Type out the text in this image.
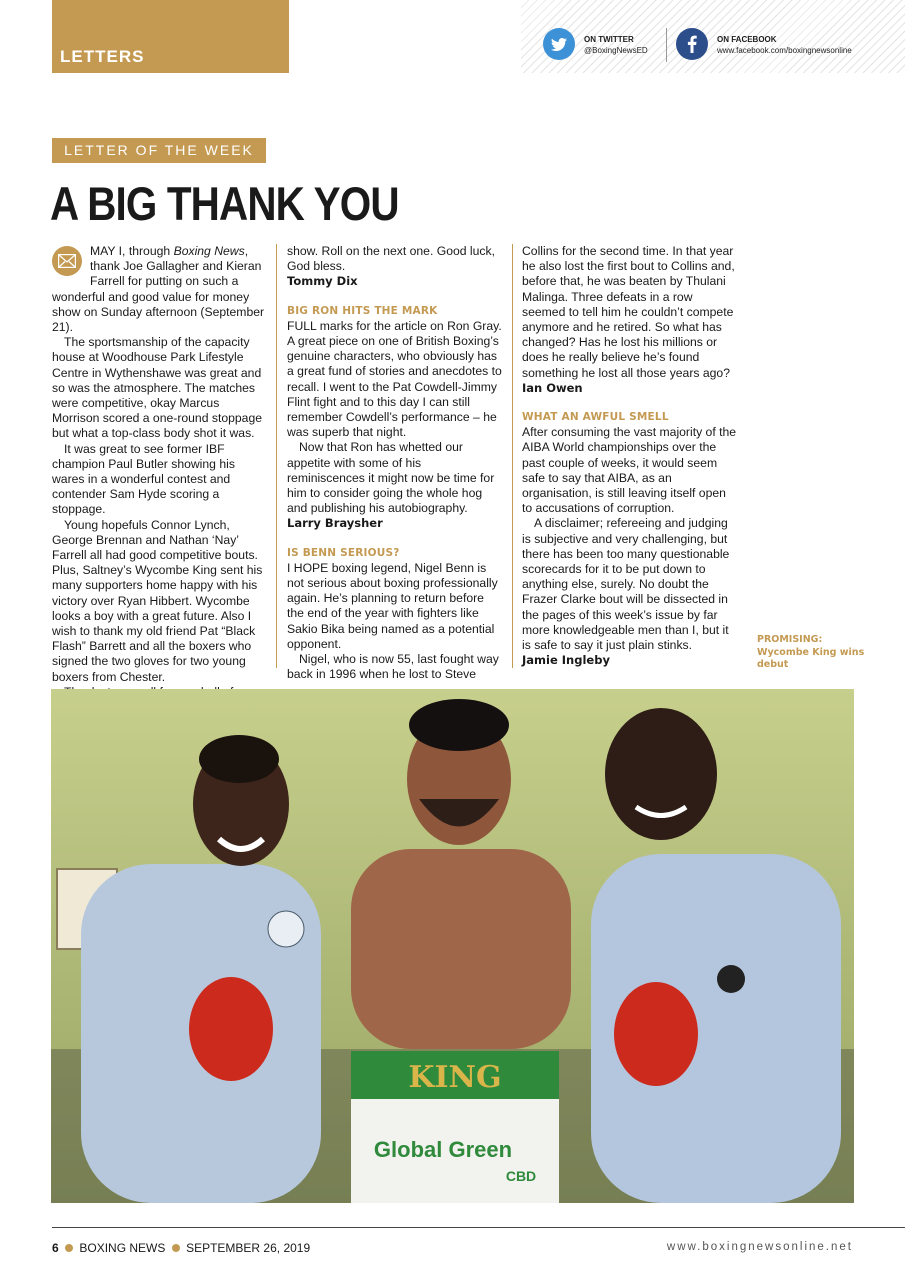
LETTERS
ON TWITTER
@BoxingNewsED
ON FACEBOOK
www.facebook.com/boxingnewsonline
LETTER OF THE WEEK
A BIG THANK YOU

MAY I, through Boxing News, thank Joe Gallagher and Kieran Farrell for putting on such a wonderful and good value for money show on Sunday afternoon (September 21).

The sportsmanship of the capacity house at Woodhouse Park Lifestyle Centre in Wythenshawe was great and so was the atmosphere. The matches were competitive, okay Marcus Morrison scored a one-round stoppage but what a top-class body shot it was.

It was great to see former IBF champion Paul Butler showing his wares in a wonderful contest and contender Sam Hyde scoring a stoppage.

Young hopefuls Connor Lynch, George Brennan and Nathan ‘Nay’ Farrell all had good competitive bouts. Plus, Saltney’s Wycombe King sent his many supporters home happy with his victory over Ryan Hibbert. Wycombe looks a boy with a great future. Also I wish to thank my old friend Pat “Black Flash” Barrett and all the boxers who signed the two gloves for two young boxers from Chester.

show. Roll on the next one. Good luck, God bless.

Tommy Dix
BIG RON HITS THE MARK

FULL marks for the article on Ron Gray. A great piece on one of British Boxing’s genuine characters, who obviously has a great fund of stories and anecdotes to recall. I went to the Pat Cowdell-Jimmy Flint fight and to this day I can still remember Cowdell’s performance – he was superb that night.

Now that Ron has whetted our appetite with some of his reminiscences it might now be time for him to consider going the whole hog and publishing his autobiography.

Larry Braysher
IS BENN SERIOUS?

I HOPE boxing legend, Nigel Benn is not serious about boxing professionally again. He’s planning to return before the end of the year with fighters like Sakio Bika being named as a potential opponent.

Nigel, who is now 55, last fought way back in 1996 when he lost to Steve

Collins for the second time. In that year he also lost the first bout to Collins and, before that, he was beaten by Thulani Malinga. Three defeats in a row seemed to tell him he couldn’t compete anymore and he retired. So what has changed? Has he lost his millions or does he really believe he’s found something he lost all those years ago?

Ian Owen
WHAT AN AWFUL SMELL

After consuming the vast majority of the AIBA World championships over the past couple of weeks, it would seem safe to say that AIBA, as an organisation, is still leaving itself open to accusations of corruption.

A disclaimer; refereeing and judging is subjective and very challenging, but there has been too many questionable scorecards for it to be put down to anything else, surely. No doubt the Frazer Clarke bout will be dissected in the pages of this week’s issue by far more knowledgeable men than I, but it is safe to say it just plain stinks.

Jamie Ingleby
PROMISING:
Wycombe King wins debut
KING
Global Green
CBD
6 BOXING NEWS SEPTEMBER 26, 2019	www.boxingnewsonline.net
